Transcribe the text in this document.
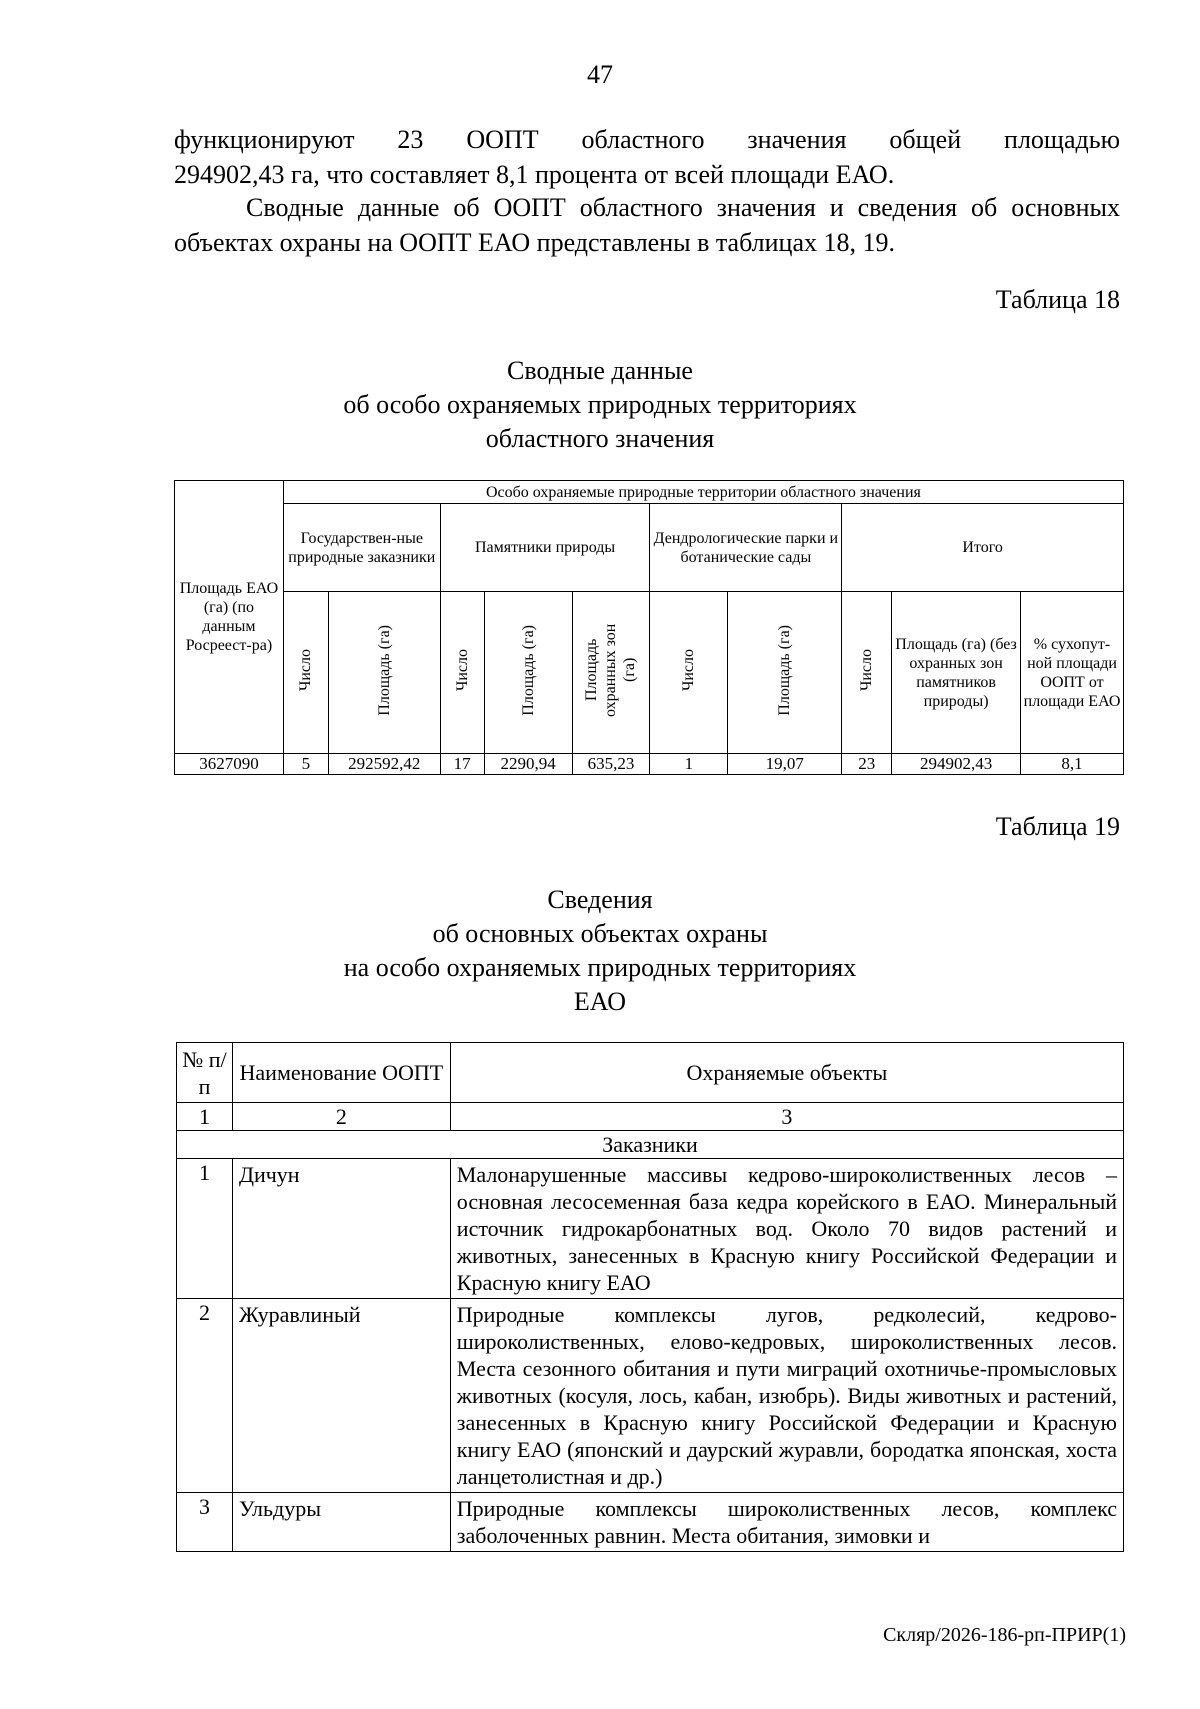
47
функционируют 23 ООПТ областного значения общей площадью
294902,43 га, что составляет 8,1 процента от всей площади ЕАО.
Сводные данные об ООПТ областного значения и сведения об основных
объектах охраны на ООПТ ЕАО представлены в таблицах 18, 19.
Таблица 18
Сводные данные
об особо охраняемых природных территориях
областного значения
Площадь ЕАО (га) (по данным Росреест-ра)	Особо охраняемые природные территории областного значения									
	Государствен-ные природные заказники		Памятники природы			Дендрологические парки и ботанические сады		Итого		
	Число	Площадь (га)	Число	Площадь (га)	Площадь охранных зон (га)	Число	Площадь (га)	Число	Площадь (га) (без охранных зон памятников природы)	% сухопут-ной площади ООПТ от площади ЕАО
3627090	5	292592,42	17	2290,94	635,23	1	19,07	23	294902,43	8,1
Таблица 19
Сведения
об основных объектах охраны
на особо охраняемых природных территориях
ЕАО
№ п/п	Наименование ООПТ	Охраняемые объекты
1	2	3
Заказники		
1	Дичун	Малонарушенные массивы кедрово-широколиственных лесов – основная лесосеменная база кедра корейского в ЕАО. Минеральный источник гидрокарбонатных вод. Около 70 видов растений и животных, занесенных в Красную книгу Российской Федерации и Красную книгу ЕАО
2	Журавлиный	Природные комплексы лугов, редколесий, кедрово-широколиственных, елово-кедровых, широколиственных лесов. Места сезонного обитания и пути миграций охотничье-промысловых животных (косуля, лось, кабан, изюбрь). Виды животных и растений, занесенных в Красную книгу Российской Федерации и Красную книгу ЕАО (японский и даурский журавли, бородатка японская, хоста ланцетолистная и др.)
3	Ульдуры	Природные комплексы широколиственных лесов, комплекс заболоченных равнин. Места обитания, зимовки и
Скляр/2026-186-рп-ПРИР(1)
